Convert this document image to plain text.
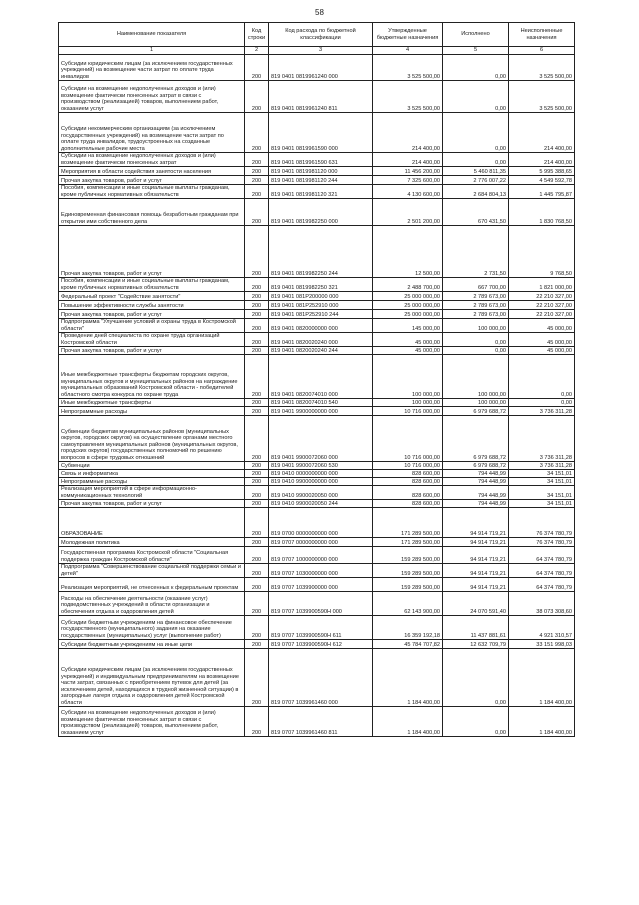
58
Наименование показателя	Код строки	Код расхода по бюджетной классификации	Утвержденные бюджетные назначения	Исполнено	Неисполненные назначения
1	2	3	4	5	6
Субсидии юридическим лицам (за исключением государственных учреждений) на возмещение части затрат по оплате труда инвалидов	200	819 0401 0819961240 000	3 525 500,00	0,00	3 525 500,00
Субсидии на возмещение недополученных доходов и (или) возмещение фактически понесенных затрат в связи с производством (реализацией) товаров, выполнением работ, оказанием услуг	200	819 0401 0819961240 811	3 525 500,00	0,00	3 525 500,00
Субсидии некоммерческим организациям (за исключением государственных учреждений) на возмещение части затрат по оплате труда инвалидов, трудоустроенных на созданные дополнительные рабочие места	200	819 0401 0819961590 000	214 400,00	0,00	214 400,00
Субсидии на возмещение недополученных доходов и (или) возмещение фактически понесенных затрат	200	819 0401 0819961590 631	214 400,00	0,00	214 400,00
Мероприятия в области содействия занятости населения	200	819 0401 0819981120 000	11 456 200,00	5 460 811,35	5 995 388,65
Прочая закупка товаров, работ и услуг	200	819 0401 0819981120 244	7 325 600,00	2 776 007,22	4 549 592,78
Пособия, компенсации и иные социальные выплаты гражданам, кроме публичных нормативных обязательств	200	819 0401 0819981120 321	4 130 600,00	2 684 804,13	1 445 795,87
Единовременная финансовая помощь безработным гражданам при открытии ими собственного дела	200	819 0401 0819982250 000	2 501 200,00	670 431,50	1 830 768,50
Прочая закупка товаров, работ и услуг	200	819 0401 0819982250 244	12 500,00	2 731,50	9 768,50
Пособия, компенсации и иные социальные выплаты гражданам, кроме публичных нормативных обязательств	200	819 0401 0819982250 321	2 488 700,00	667 700,00	1 821 000,00
Федеральный проект "Содействие занятости"	200	819 0401 081P200000 000	25 000 000,00	2 789 673,00	22 210 327,00
Повышение эффективности службы занятости	200	819 0401 081P252910 000	25 000 000,00	2 789 673,00	22 210 327,00
Прочая закупка товаров, работ и услуг	200	819 0401 081P252910 244	25 000 000,00	2 789 673,00	22 210 327,00
Подпрограмма "Улучшение условий и охраны труда в Костромской области"	200	819 0401 0820000000 000	145 000,00	100 000,00	45 000,00
Проведение дней специалиста по охране труда организаций Костромской области	200	819 0401 0820020240 000	45 000,00	0,00	45 000,00
Прочая закупка товаров, работ и услуг	200	819 0401 0820020240 244	45 000,00	0,00	45 000,00
Иные межбюджетные трансферты бюджетам городских округов, муниципальных округов и муниципальных районов на награждение муниципальных образований Костромской области - победителей областного смотра конкурса по охране труда	200	819 0401 0820074010 000	100 000,00	100 000,00	0,00
Иные межбюджетные трансферты	200	819 0401 0820074010 540	100 000,00	100 000,00	0,00
Непрограммные расходы	200	819 0401 9900000000 000	10 716 000,00	6 979 688,72	3 736 311,28
Субвенции бюджетам муниципальных районов (муниципальных округов, городских округов) на осуществление органами местного самоуправления муниципальных районов (муниципальных округов, городских округов) государственных полномочий по решению вопросов в сфере трудовых отношений	200	819 0401 9900072060 000	10 716 000,00	6 979 688,72	3 736 311,28
Субвенции	200	819 0401 9900072060 530	10 716 000,00	6 979 688,72	3 736 311,28
Связь и информатика	200	819 0410 0000000000 000	828 600,00	794 448,99	34 151,01
Непрограммные расходы	200	819 0410 9900000000 000	828 600,00	794 448,99	34 151,01
Реализация мероприятий в сфере информационно-коммуникационных технологий	200	819 0410 9900020050 000	828 600,00	794 448,99	34 151,01
Прочая закупка товаров, работ и услуг	200	819 0410 9900020050 244	828 600,00	794 448,99	34 151,01
ОБРАЗОВАНИЕ	200	819 0700 0000000000 000	171 289 500,00	94 914 719,21	76 374 780,79
Молодежная политика	200	819 0707 0000000000 000	171 289 500,00	94 914 719,21	76 374 780,79
Государственная программа Костромской области "Социальная поддержка граждан Костромской области"	200	819 0707 1000000000 000	159 289 500,00	94 914 719,21	64 374 780,79
Подпрограмма "Совершенствование социальной поддержки семьи и детей"	200	819 0707 1030000000 000	159 289 500,00	94 914 719,21	64 374 780,79
Реализация мероприятий, не отнесенных к федеральным проектам	200	819 0707 1039900000 000	159 289 500,00	94 914 719,21	64 374 780,79
Расходы на обеспечение деятельности (оказание услуг) подведомственных учреждений в области организации и обеспечения отдыха и оздоровления детей	200	819 0707 1039900590Н 000	62 143 900,00	24 070 591,40	38 073 308,60
Субсидии бюджетным учреждениям на финансовое обеспечение государственного (муниципального) задания на оказание государственных (муниципальных) услуг (выполнение работ)	200	819 0707 1039900590Н 611	16 359 192,18	11 437 881,61	4 921 310,57
Субсидии бюджетным учреждениям на иные цели	200	819 0707 1039900590Н 612	45 784 707,82	12 632 709,79	33 151 998,03
Субсидии юридическим лицам (за исключением государственных учреждений) и индивидуальным предпринимателям на возмещение части затрат, связанных с приобретением путевок для детей (за исключением детей, находящихся в трудной жизненной ситуации) в загородные лагеря отдыха и оздоровления детей Костромской области	200	819 0707 1039961460 000	1 184 400,00	0,00	1 184 400,00
Субсидии на возмещение недополученных доходов и (или) возмещение фактически понесенных затрат в связи с производством (реализацией) товаров, выполнением работ, оказанием услуг	200	819 0707 1039961460 811	1 184 400,00	0,00	1 184 400,00
